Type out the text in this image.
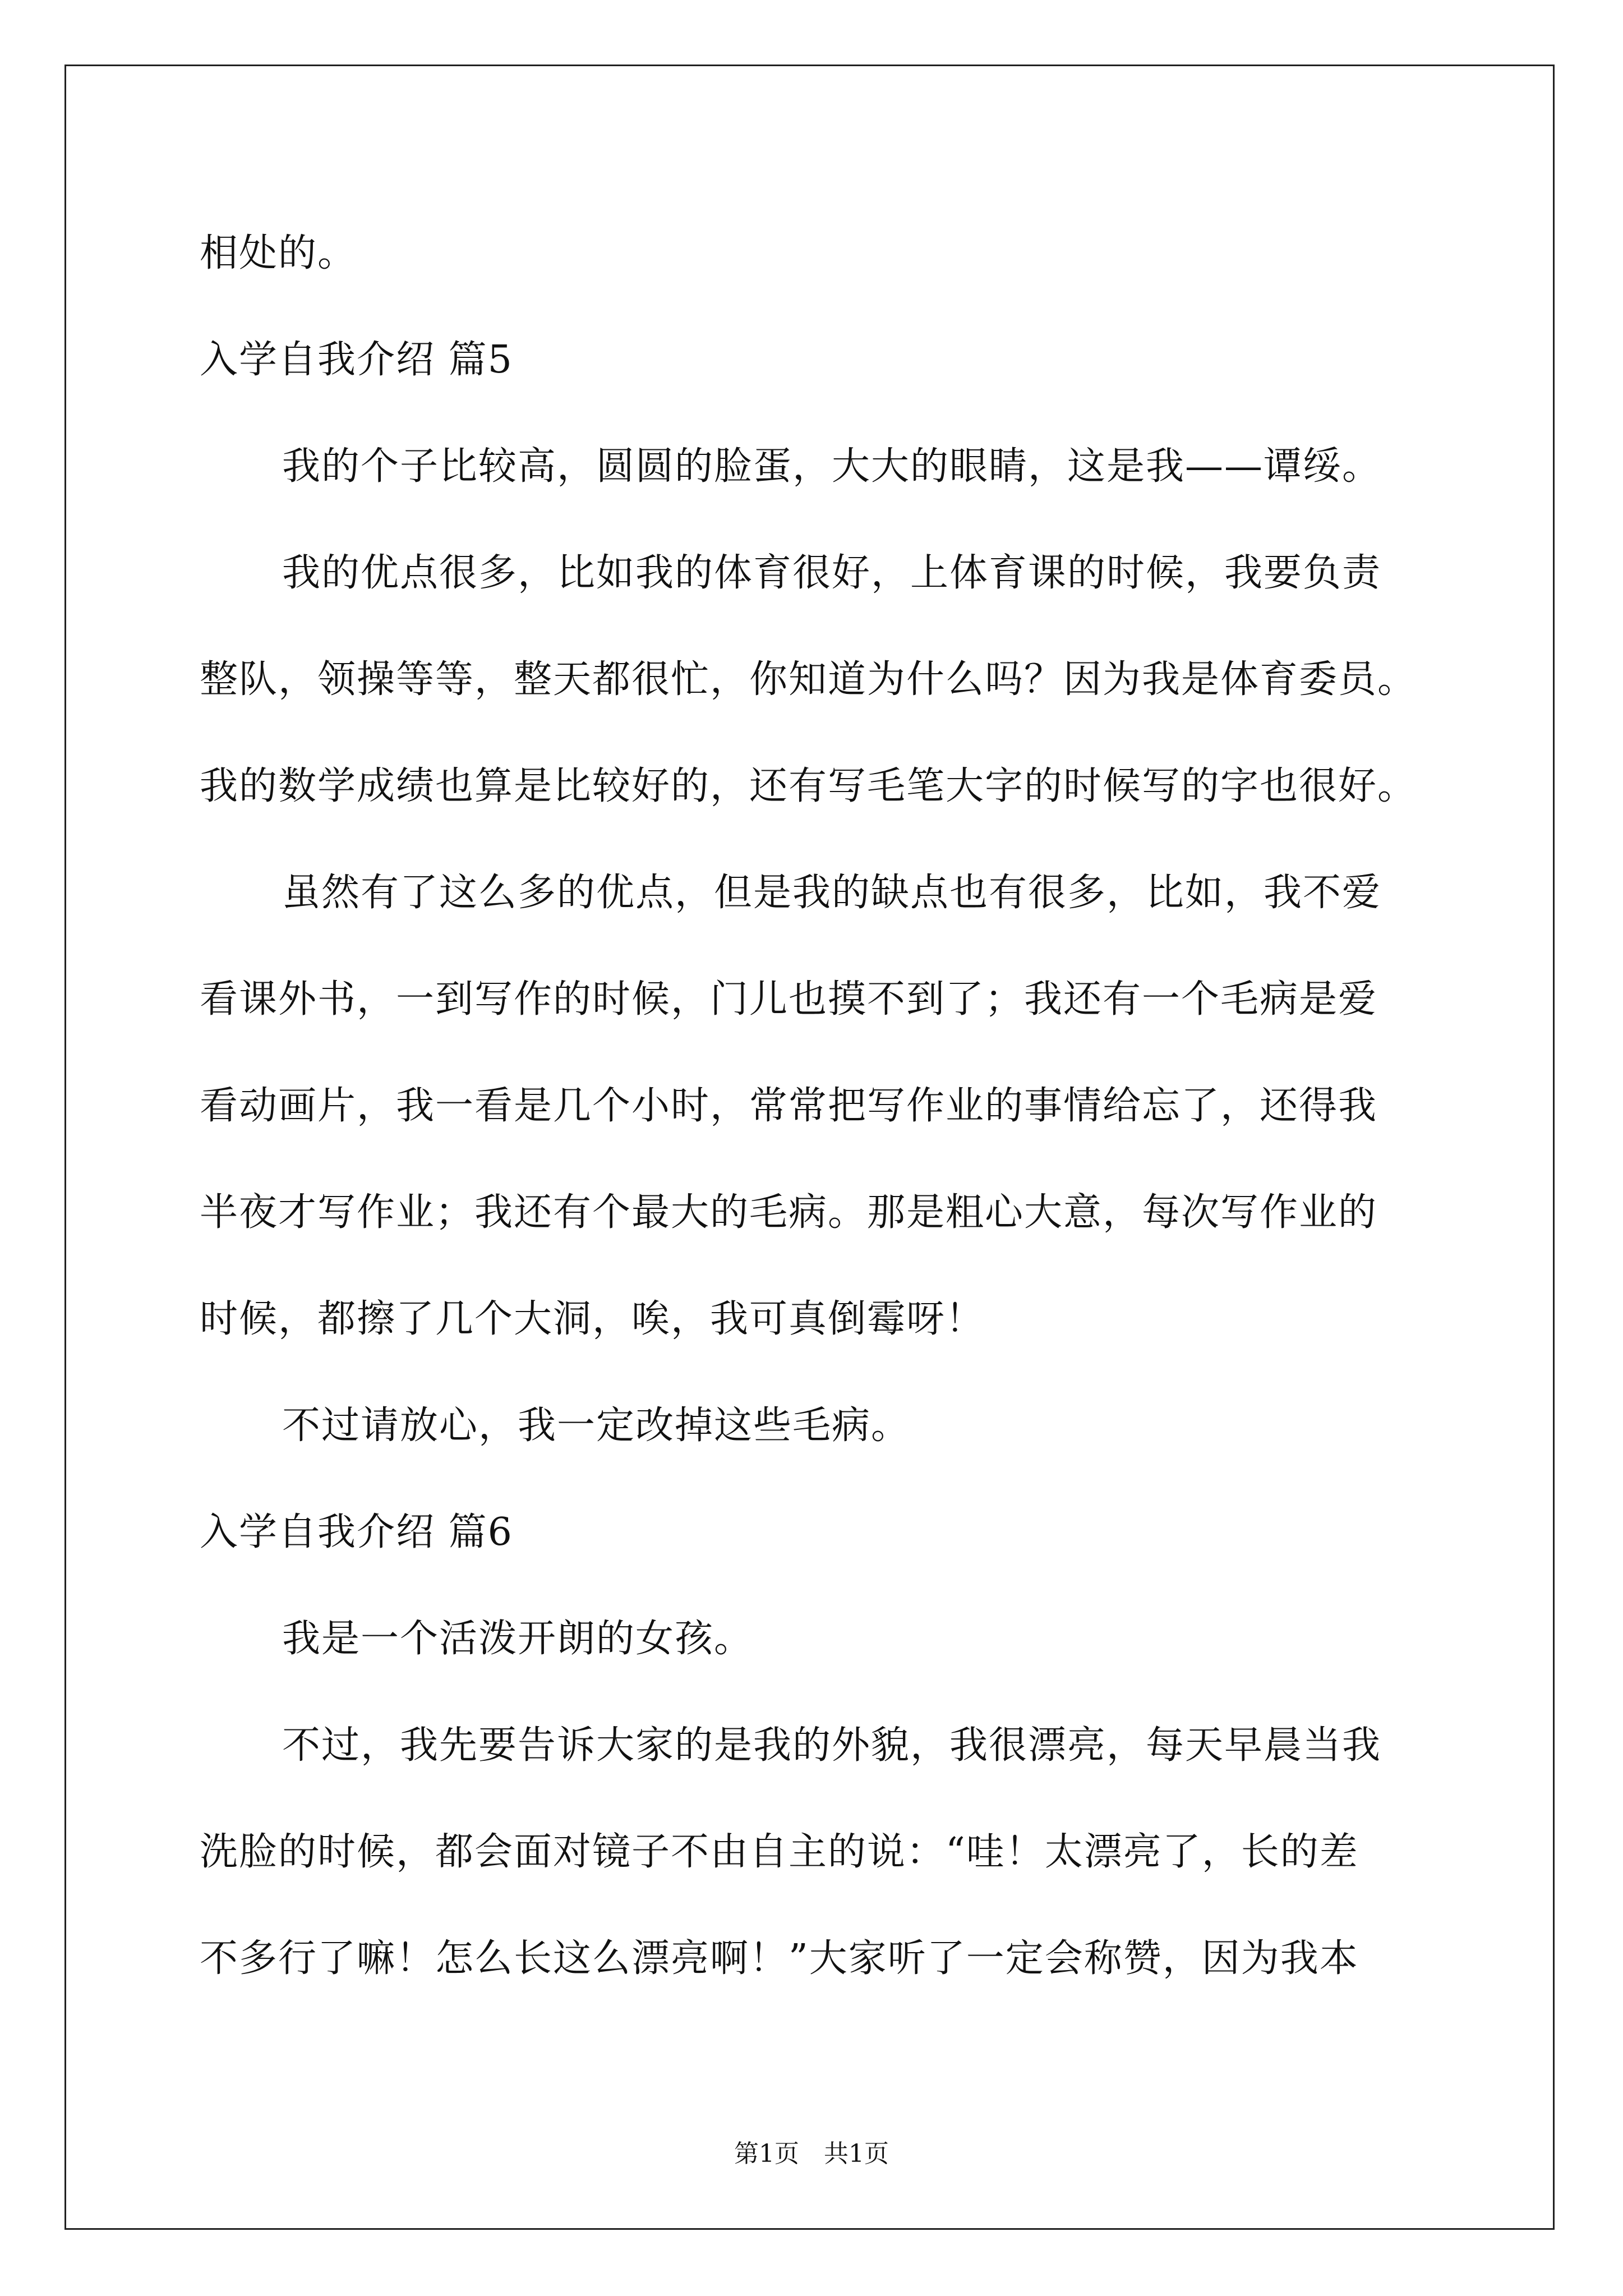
相处的。
入学自我介绍 篇5
我的个子比较高，圆圆的脸蛋，大大的眼睛，这是我——谭绥。
我的优点很多，比如我的体育很好，上体育课的时候，我要负责
整队，领操等等，整天都很忙，你知道为什么吗？因为我是体育委员。
我的数学成绩也算是比较好的，还有写毛笔大字的时候写的字也很好。
虽然有了这么多的优点，但是我的缺点也有很多，比如，我不爱
看课外书，一到写作的时候，门儿也摸不到了；我还有一个毛病是爱
看动画片，我一看是几个小时，常常把写作业的事情给忘了，还得我
半夜才写作业；我还有个最大的毛病。那是粗心大意，每次写作业的
时候，都擦了几个大洞，唉，我可真倒霉呀！
不过请放心，我一定改掉这些毛病。
入学自我介绍 篇6
我是一个活泼开朗的女孩。
不过，我先要告诉大家的是我的外貌，我很漂亮，每天早晨当我
洗脸的时候，都会面对镜子不由自主的说：“哇！太漂亮了，长的差
不多行了嘛！怎么长这么漂亮啊！”大家听了一定会称赞，因为我本
第1页　共1页
